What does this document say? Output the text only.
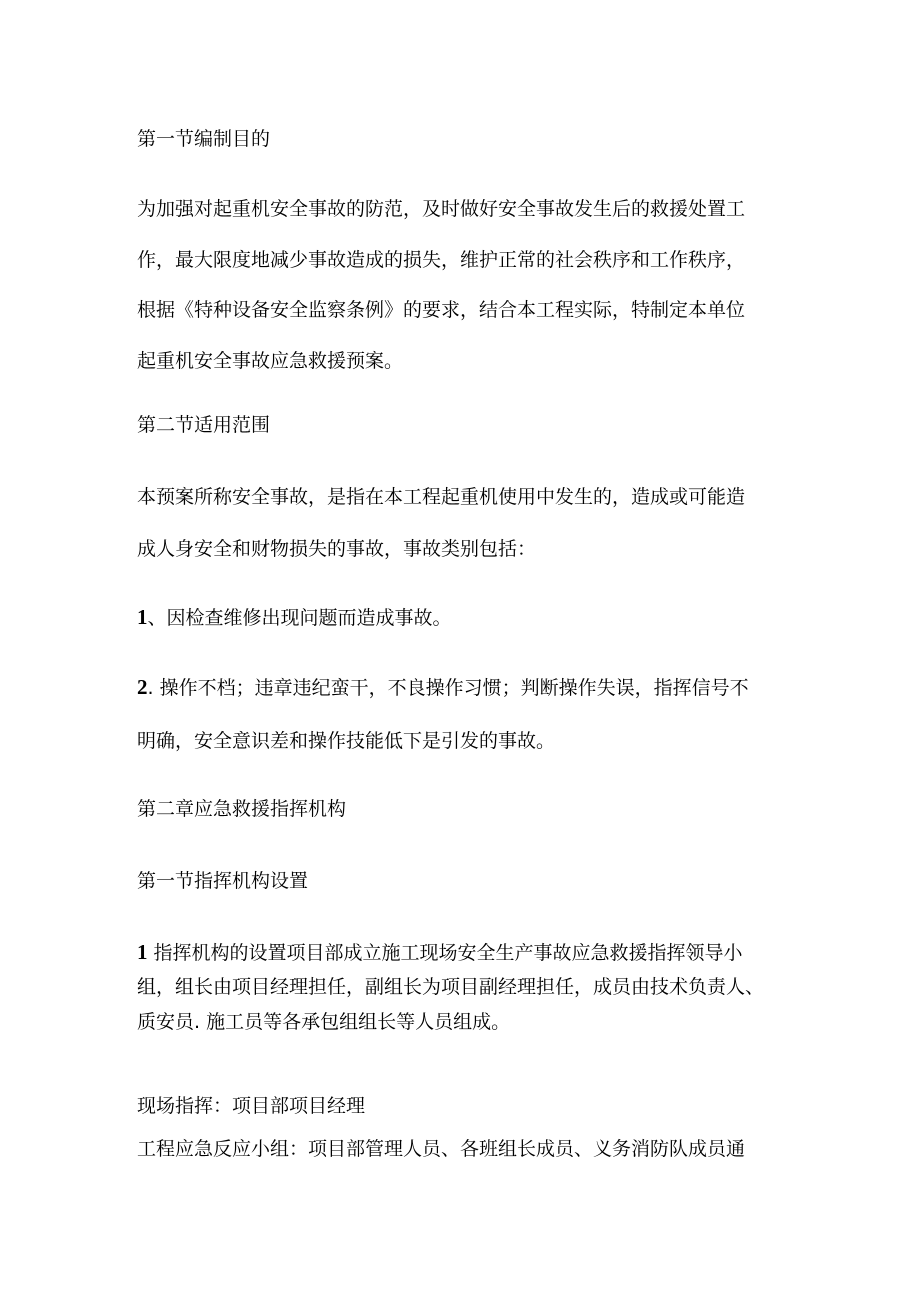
第一节编制目的

为加强对起重机安全事故的防范，及时做好安全事故发生后的救援处置工
作，最大限度地减少事故造成的损失，维护正常的社会秩序和工作秩序，
根据《特种设备安全监察条例》的要求，结合本工程实际，特制定本单位
起重机安全事故应急救援预案。

第二节适用范围

本预案所称安全事故，是指在本工程起重机使用中发生的，造成或可能造
成人身安全和财物损失的事故，事故类别包括：

1、因检查维修出现问题而造成事故。

2. 操作不档；违章违纪蛮干，不良操作习惯；判断操作失误，指挥信号不
明确，安全意识差和操作技能低下是引发的事故。

第二章应急救援指挥机构

第一节指挥机构设置

1 指挥机构的设置项目部成立施工现场安全生产事故应急救援指挥领导小
组，组长由项目经理担任，副组长为项目副经理担任，成员由技术负责人、
质安员. 施工员等各承包组组长等人员组成。

现场指挥：项目部项目经理

工程应急反应小组：项目部管理人员、各班组长成员、义务消防队成员通
